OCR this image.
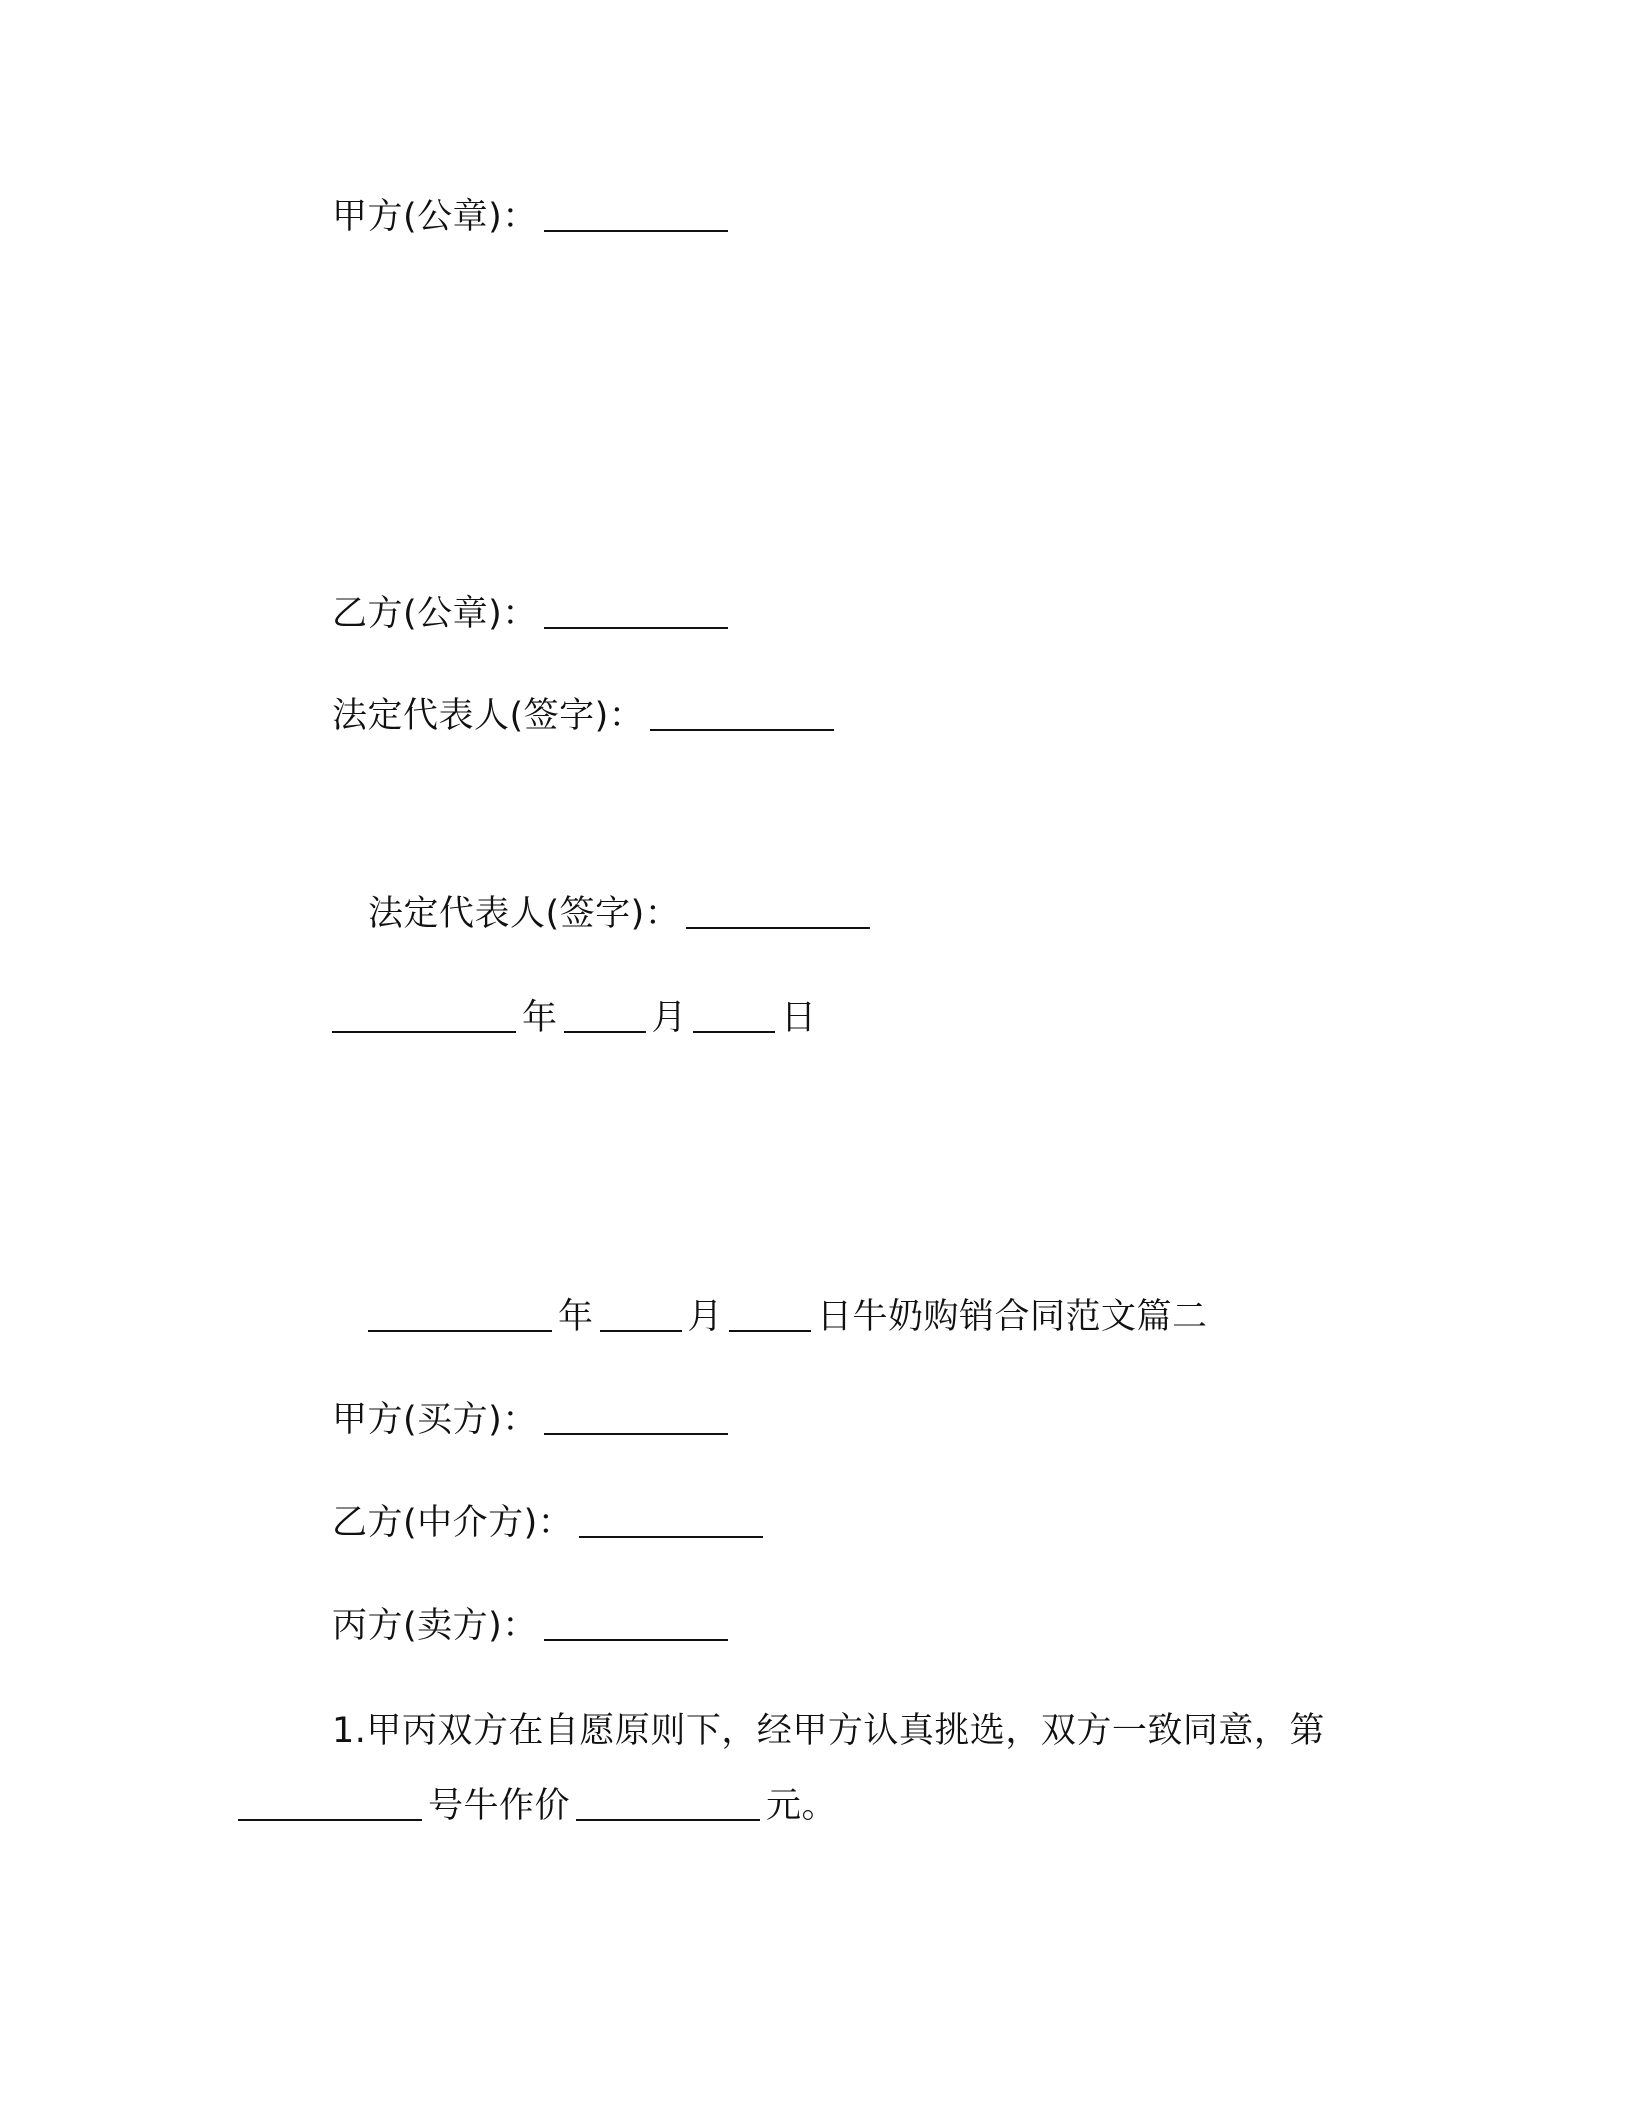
甲方(公章)：
乙方(公章)：
法定代表人(签字)：
法定代表人(签字)：
年	月	日
年	月	日牛奶购销合同范文篇二
甲方(买方)：
乙方(中介方)：
丙方(卖方)：
1.甲丙双方在自愿原则下，经甲方认真挑选，双方一致同意，第
号牛作价	元。
